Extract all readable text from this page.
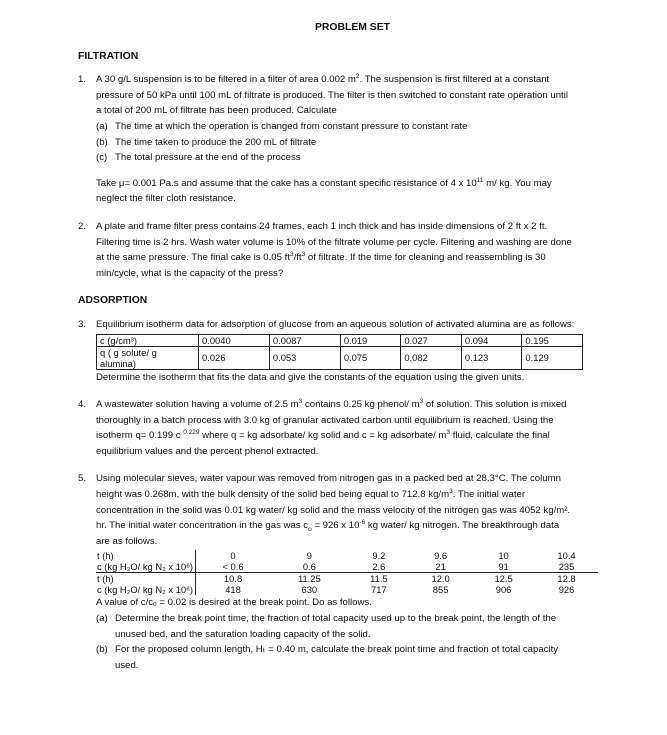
PROBLEM SET
FILTRATION
1. A 30 g/L suspension is to be filtered in a filter of area 0.002 $m^2$. The suspension is first filtered at a constant

pressure of 50 kPa until 100 mL of filtrate is produced. The filter is then switched to constant rate operation until

a total of 200 mL of filtrate has been produced. Calculate

(a) The time at which the operation is changed from constant pressure to constant rate
(b) The time taken to produce the 200 mL of filtrate
(c) The total pressure at the end of the process

Take μ= 0.001 Pa.s and assume that the cake has a constant specific resistance of 4 x $10^{11}$ m/ kg. You may

neglect the filter cloth resistance.

2. A plate and frame filter press contains 24 frames, each 1 inch thick and has inside dimensions of 2 ft x 2 ft.

Filtering time is 2 hrs. Wash water volume is 10% of the filtrate volume per cycle. Filtering and washing are done

at the same pressure. The final cake is 0.05 $ft^3/ft^3$ of filtrate. If the time for cleaning and reassembling is 30

min/cycle, what is the capacity of the press?

ADSORPTION
3. Equilibrium isotherm data for adsorption of glucose from an aqueous solution of activated alumina are as follows:

c (g/cm³)	0.0040	0.0087	0.019	0.027	0.094	0.195
q ( g solute/ g alumina)	0.026	0.053	0.075	0.082	0.123	0.129

Determine the isotherm that fits the data and give the constants of the equation using the given units.

4. A wastewater solution having a volume of 2.5 $m^3$ contains 0.25 kg phenol/ $m^3$ of solution. This solution is mixed

thoroughly in a batch process with 3.0 kg of granular activated carbon until equilibrium is reached. Using the

isotherm q= 0.199 c $^{0.229}$ where q = kg adsorbate/ kg solid and c = kg adsorbate/ $m^3$ fluid, calculate the final

equilibrium values and the percent phenol extracted.

5. Using molecular sieves, water vapour was removed from nitrogen gas in a packed bed at 28.3°C. The column

height was 0.268m, with the bulk density of the solid bed being equal to 712.8 $kg/m^3$. The initial water

concentration in the solid was 0.01 kg water/ kg solid and the mass velocity of the nitrogen gas was 4052 kg/m².

hr. The initial water concentration in the gas was $c_o = 926$ x $10^{-6}$ kg water/ kg nitrogen. The breakthrough data

are as follows.

t (h)	0	9	9.2	9.6	10	10.4
c (kg H₂O/ kg N₂ x 10⁶)	< 0.6	0.6	2.6	21	91	235
t (h)	10.8	11.25	11.5	12.0	12.5	12.8
c (kg H₂O/ kg N₂ x 10⁶)	418	630	717	855	906	926

A value of c/cₒ = 0.02 is desired at the break point. Do as follows.

(a) Determine the break point time, the fraction of total capacity used up to the break point, the length of the

unused bed, and the saturation loading capacity of the solid.

(b) For the proposed column length, Hₜ = 0.40 m, calculate the break point time and fraction of total capacity

used.
